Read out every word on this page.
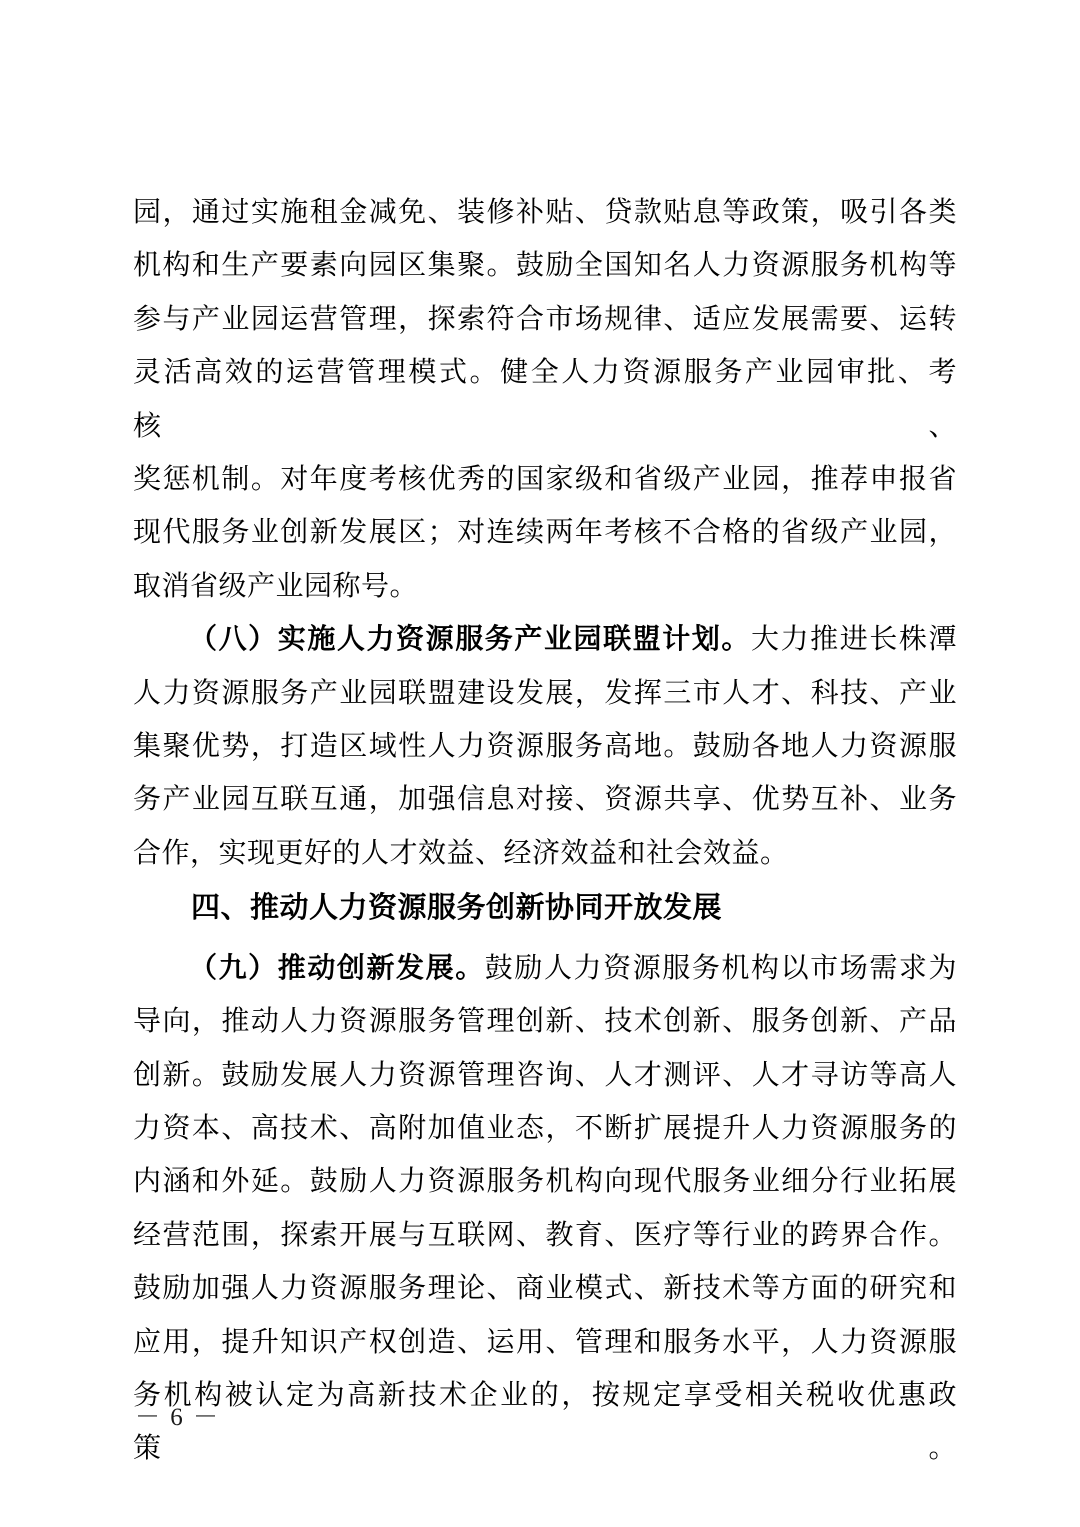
园，通过实施租金减免、装修补贴、贷款贴息等政策，吸引各类
机构和生产要素向园区集聚。鼓励全国知名人力资源服务机构等
参与产业园运营管理，探索符合市场规律、适应发展需要、运转
灵活高效的运营管理模式。健全人力资源服务产业园审批、考核、
奖惩机制。对年度考核优秀的国家级和省级产业园，推荐申报省
现代服务业创新发展区；对连续两年考核不合格的省级产业园，
取消省级产业园称号。
（八）实施人力资源服务产业园联盟计划。大力推进长株潭
人力资源服务产业园联盟建设发展，发挥三市人才、科技、产业
集聚优势，打造区域性人力资源服务高地。鼓励各地人力资源服
务产业园互联互通，加强信息对接、资源共享、优势互补、业务
合作，实现更好的人才效益、经济效益和社会效益。
四、推动人力资源服务创新协同开放发展
（九）推动创新发展。鼓励人力资源服务机构以市场需求为
导向，推动人力资源服务管理创新、技术创新、服务创新、产品
创新。鼓励发展人力资源管理咨询、人才测评、人才寻访等高人
力资本、高技术、高附加值业态，不断扩展提升人力资源服务的
内涵和外延。鼓励人力资源服务机构向现代服务业细分行业拓展
经营范围，探索开展与互联网、教育、医疗等行业的跨界合作。
鼓励加强人力资源服务理论、商业模式、新技术等方面的研究和
应用，提升知识产权创造、运用、管理和服务水平，人力资源服
务机构被认定为高新技术企业的，按规定享受相关税收优惠政策。
－ 6 －
